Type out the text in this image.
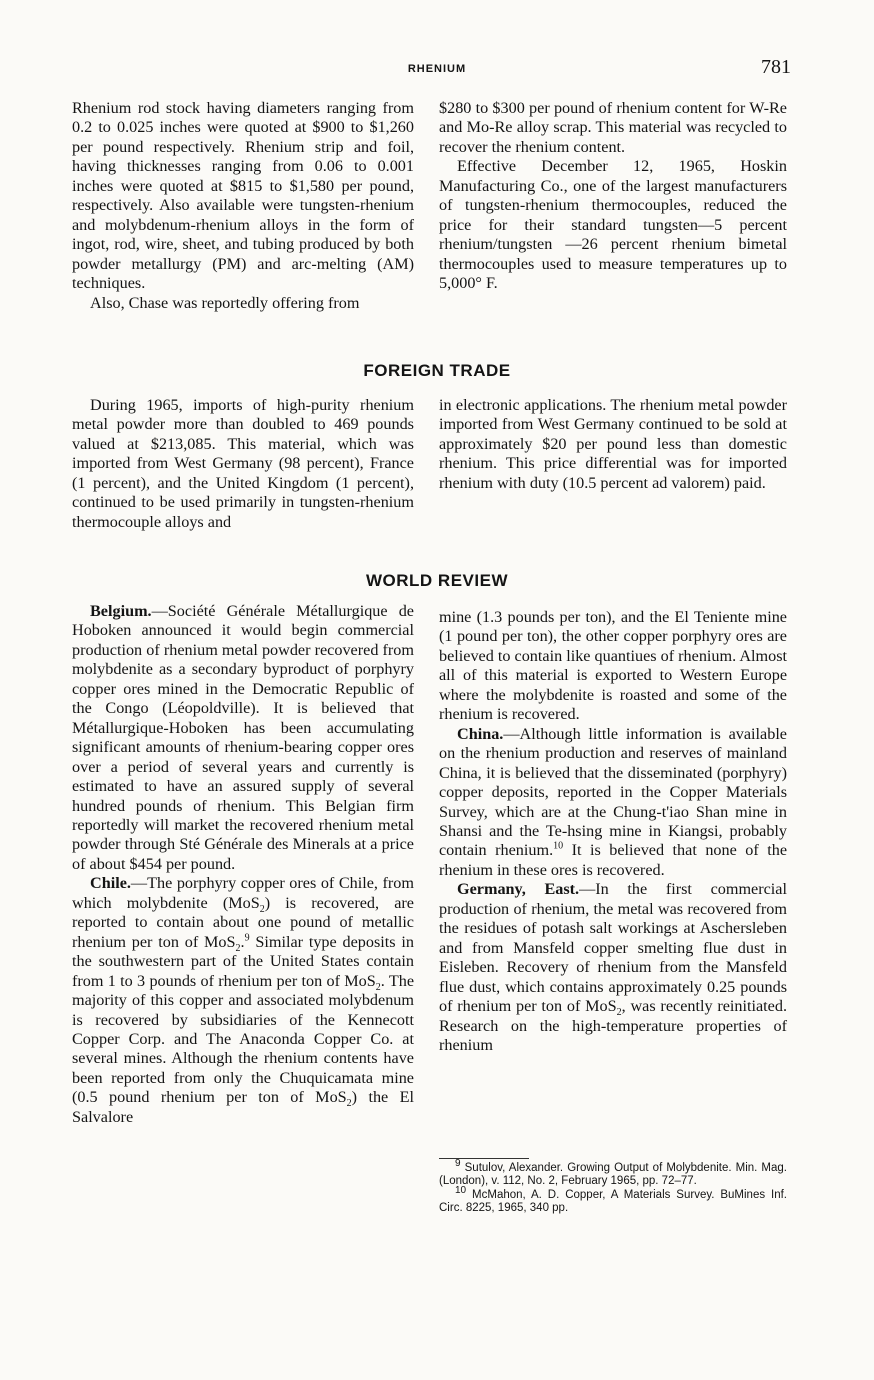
RHENIUM	781

Rhenium rod stock having diameters ranging from 0.2 to 0.025 inches were quoted at $900 to $1,260 per pound respectively. Rhenium strip and foil, having thicknesses ranging from 0.06 to 0.001 inches were quoted at $815 to $1,580 per pound, respectively. Also available were tungsten-rhenium and molybdenum-rhenium alloys in the form of ingot, rod, wire, sheet, and tubing produced by both powder metallurgy (PM) and arc-melting (AM) techniques.

Also, Chase was reportedly offering from

$280 to $300 per pound of rhenium content for W-Re and Mo-Re alloy scrap. This material was recycled to recover the rhenium content.

Effective December 12, 1965, Hoskin Manufacturing Co., one of the largest manufacturers of tungsten-rhenium thermocouples, reduced the price for their standard tungsten—5 percent rhenium/tungsten —26 percent rhenium bimetal thermocouples used to measure temperatures up to 5,000° F.

FOREIGN TRADE

During 1965, imports of high-purity rhenium metal powder more than doubled to 469 pounds valued at $213,085. This material, which was imported from West Germany (98 percent), France (1 percent), and the United Kingdom (1 percent), continued to be used primarily in tungsten-rhenium thermocouple alloys and

in electronic applications. The rhenium metal powder imported from West Germany continued to be sold at approximately $20 per pound less than domestic rhenium. This price differential was for imported rhenium with duty (10.5 percent ad valorem) paid.

WORLD REVIEW

Belgium.—Société Générale Métallurgique de Hoboken announced it would begin commercial production of rhenium metal powder recovered from molybdenite as a secondary byproduct of porphyry copper ores mined in the Democratic Republic of the Congo (Léopoldville). It is believed that Métallurgique-Hoboken has been accumulating significant amounts of rhenium-bearing copper ores over a period of several years and currently is estimated to have an assured supply of several hundred pounds of rhenium. This Belgian firm reportedly will market the recovered rhenium metal powder through Sté Générale des Minerals at a price of about $454 per pound.

Chile.—The porphyry copper ores of Chile, from which molybdenite (MoS$_2$) is recovered, are reported to contain about one pound of metallic rhenium per ton of MoS$_2$.$^9$ Similar type deposits in the southwestern part of the United States contain from 1 to 3 pounds of rhenium per ton of MoS$_2$. The majority of this copper and associated molybdenum is recovered by subsidiaries of the Kennecott Copper Corp. and The Anaconda Copper Co. at several mines. Although the rhenium contents have been reported from only the Chuquicamata mine (0.5 pound rhenium per ton of MoS$_2$) the El Salvalore

mine (1.3 pounds per ton), and the El Teniente mine (1 pound per ton), the other copper porphyry ores are believed to contain like quantiues of rhenium. Almost all of this material is exported to Western Europe where the molybdenite is roasted and some of the rhenium is recovered.

China.—Although little information is available on the rhenium production and reserves of mainland China, it is believed that the disseminated (porphyry) copper deposits, reported in the Copper Materials Survey, which are at the Chung-t'iao Shan mine in Shansi and the Te-hsing mine in Kiangsi, probably contain rhenium.$^{10}$ It is believed that none of the rhenium in these ores is recovered.

Germany, East.—In the first commercial production of rhenium, the metal was recovered from the residues of potash salt workings at Aschersleben and from Mansfeld copper smelting flue dust in Eisleben. Recovery of rhenium from the Mansfeld flue dust, which contains approximately 0.25 pounds of rhenium per ton of MoS$_2$, was recently reinitiated. Research on the high-temperature properties of rhenium

$^9$ Sutulov, Alexander. Growing Output of Molybdenite. Min. Mag. (London), v. 112, No. 2, February 1965, pp. 72–77.

$^{10}$ McMahon, A. D. Copper, A Materials Survey. BuMines Inf. Circ. 8225, 1965, 340 pp.
